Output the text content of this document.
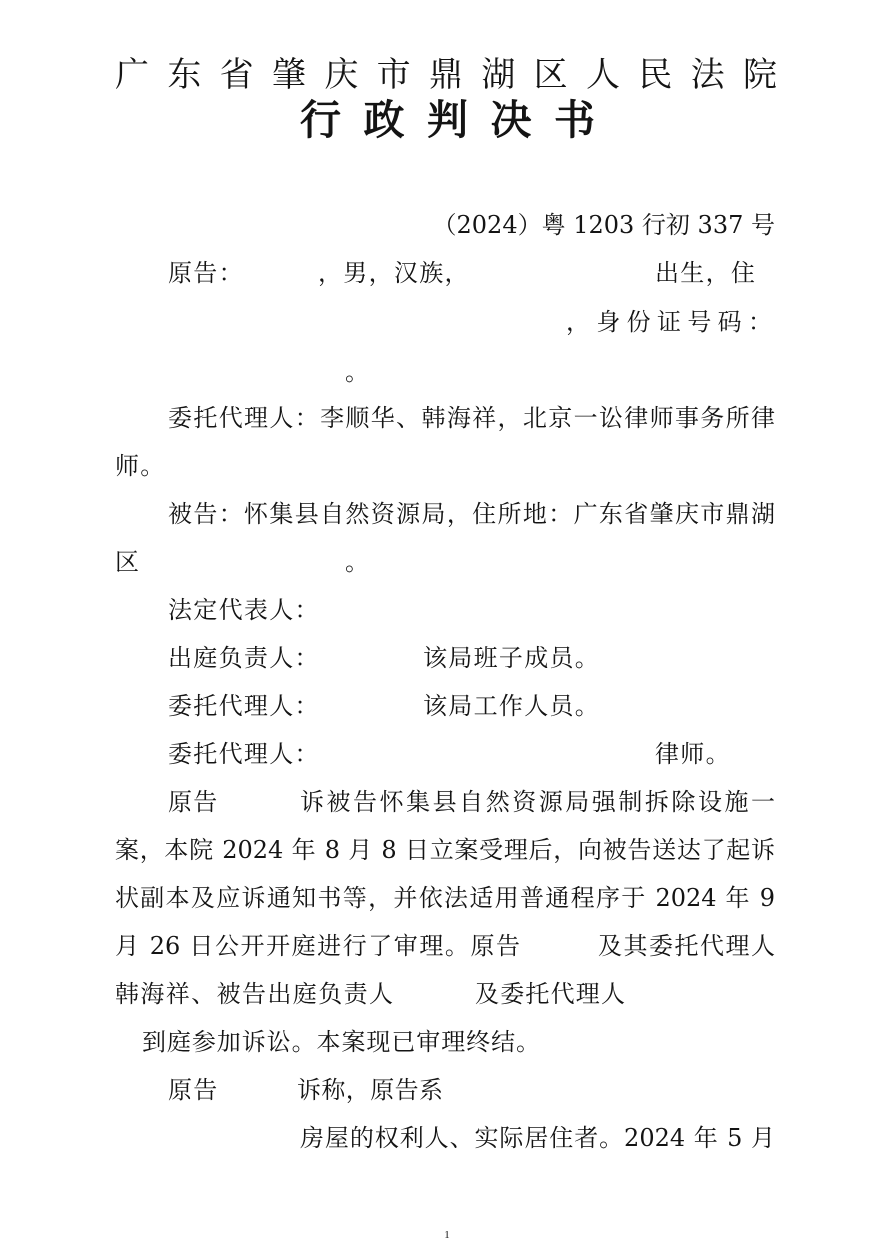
广东省肇庆市鼎湖区人民法院
行政判决书
（2024）粤 1203 行初 337 号
原告：	，男，汉族，	出生，住
，身份证号码：
。
委托代理人：李顺华、韩海祥，北京一讼律师事务所律
师。
被告：怀集县自然资源局，住所地：广东省肇庆市鼎湖
区	。
法定代表人：
出庭负责人：	该局班子成员。
委托代理人：	该局工作人员。
委托代理人：	律师。
原告	诉被告怀集县自然资源局强制拆除设施一
案，本院 2024 年 8 月 8 日立案受理后，向被告送达了起诉
状副本及应诉通知书等，并依法适用普通程序于 2024 年 9
月 26 日公开开庭进行了审理。原告	及其委托代理人
韩海祥、被告出庭负责人	及委托代理人
到庭参加诉讼。本案现已审理终结。
原告	诉称，原告系
房屋的权利人、实际居住者。2024 年 5 月
1
